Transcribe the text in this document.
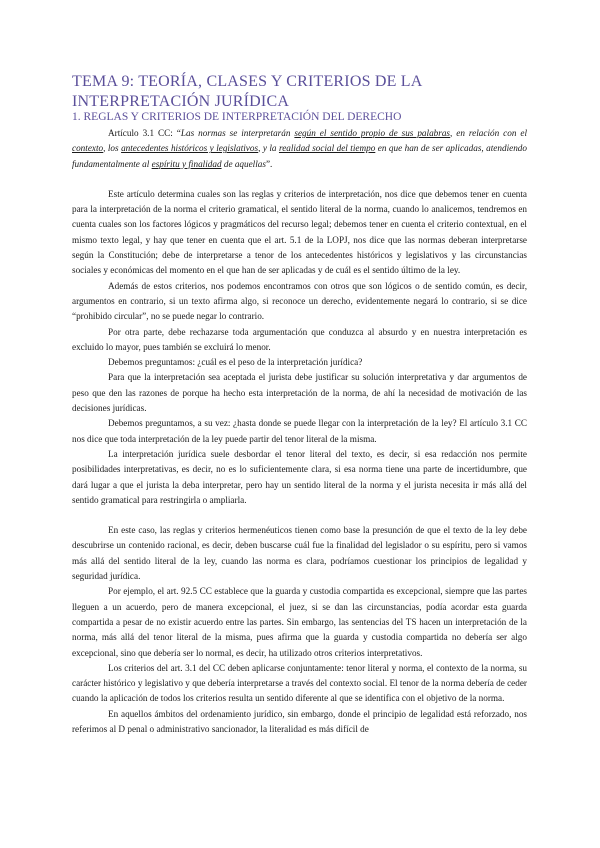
TEMA 9: TEORÍA, CLASES Y CRITERIOS DE LA INTERPRETACIÓN JURÍDICA
1. REGLAS Y CRITERIOS DE INTERPRETACIÓN DEL DERECHO

Artículo 3.1 CC: “Las normas se interpretarán según el sentido propio de sus palabras, en relación con el contexto, los antecedentes históricos y legislativos, y la realidad social del tiempo en que han de ser aplicadas, atendiendo fundamentalmente al espíritu y finalidad de aquellas”.

Este artículo determina cuales son las reglas y criterios de interpretación, nos dice que debemos tener en cuenta para la interpretación de la norma el criterio gramatical, el sentido literal de la norma, cuando lo analicemos, tendremos en cuenta cuales son los factores lógicos y pragmáticos del recurso legal; debemos tener en cuenta el criterio contextual, en el mismo texto legal, y hay que tener en cuenta que el art. 5.1 de la LOPJ, nos dice que las normas deberan interpretarse según la Constitución; debe de interpretarse a tenor de los antecedentes históricos y legislativos y las circunstancias sociales y económicas del momento en el que han de ser aplicadas y de cuál es el sentido último de la ley.

Además de estos criterios, nos podemos encontramos con otros que son lógicos o de sentido común, es decir, argumentos en contrario, si un texto afirma algo, si reconoce un derecho, evidentemente negará lo contrario, si se dice “prohibido circular”, no se puede negar lo contrario.

Por otra parte, debe rechazarse toda argumentación que conduzca al absurdo y en nuestra interpretación es excluido lo mayor, pues también se excluirá lo menor.

Debemos preguntamos: ¿cuál es el peso de la interpretación jurídica?

Para que la interpretación sea aceptada el jurista debe justificar su solución interpretativa y dar argumentos de peso que den las razones de porque ha hecho esta interpretación de la norma, de ahí la necesidad de motivación de las decisiones jurídicas.

Debemos preguntamos, a su vez: ¿hasta donde se puede llegar con la interpretación de la ley? El artículo 3.1 CC nos dice que toda interpretación de la ley puede partir del tenor literal de la misma.

La interpretación jurídica suele desbordar el tenor literal del texto, es decir, si esa redacción nos permite posibilidades interpretativas, es decir, no es lo suficientemente clara, si esa norma tiene una parte de incertidumbre, que dará lugar a que el jurista la deba interpretar, pero hay un sentido literal de la norma y el jurista necesita ir más allá del sentido gramatical para restringirla o ampliarla.

En este caso, las reglas y criterios hermenéuticos tienen como base la presunción de que el texto de la ley debe descubrirse un contenido racional, es decir, deben buscarse cuál fue la finalidad del legislador o su espíritu, pero si vamos más allá del sentido literal de la ley, cuando las norma es clara, podríamos cuestionar los principios de legalidad y seguridad jurídica.

Por ejemplo, el art. 92.5 CC establece que la guarda y custodia compartida es excepcional, siempre que las partes lleguen a un acuerdo, pero de manera excepcional, el juez, si se dan las circunstancias, podía acordar esta guarda compartida a pesar de no existir acuerdo entre las partes. Sin embargo, las sentencias del TS hacen un interpretación de la norma, más allá del tenor literal de la misma, pues afirma que la guarda y custodia compartida no debería ser algo excepcional, sino que debería ser lo normal, es decir, ha utilizado otros criterios interpretativos.

Los criterios del art. 3.1 del CC deben aplicarse conjuntamente: tenor literal y norma, el contexto de la norma, su carácter histórico y legislativo y que debería interpretarse a través del contexto social. El tenor de la norma debería de ceder cuando la aplicación de todos los criterios resulta un sentido diferente al que se identifica con el objetivo de la norma.

En aquellos ámbitos del ordenamiento jurídico, sin embargo, donde el principio de legalidad está reforzado, nos referimos al D penal o administrativo sancionador, la literalidad es más difícil de
